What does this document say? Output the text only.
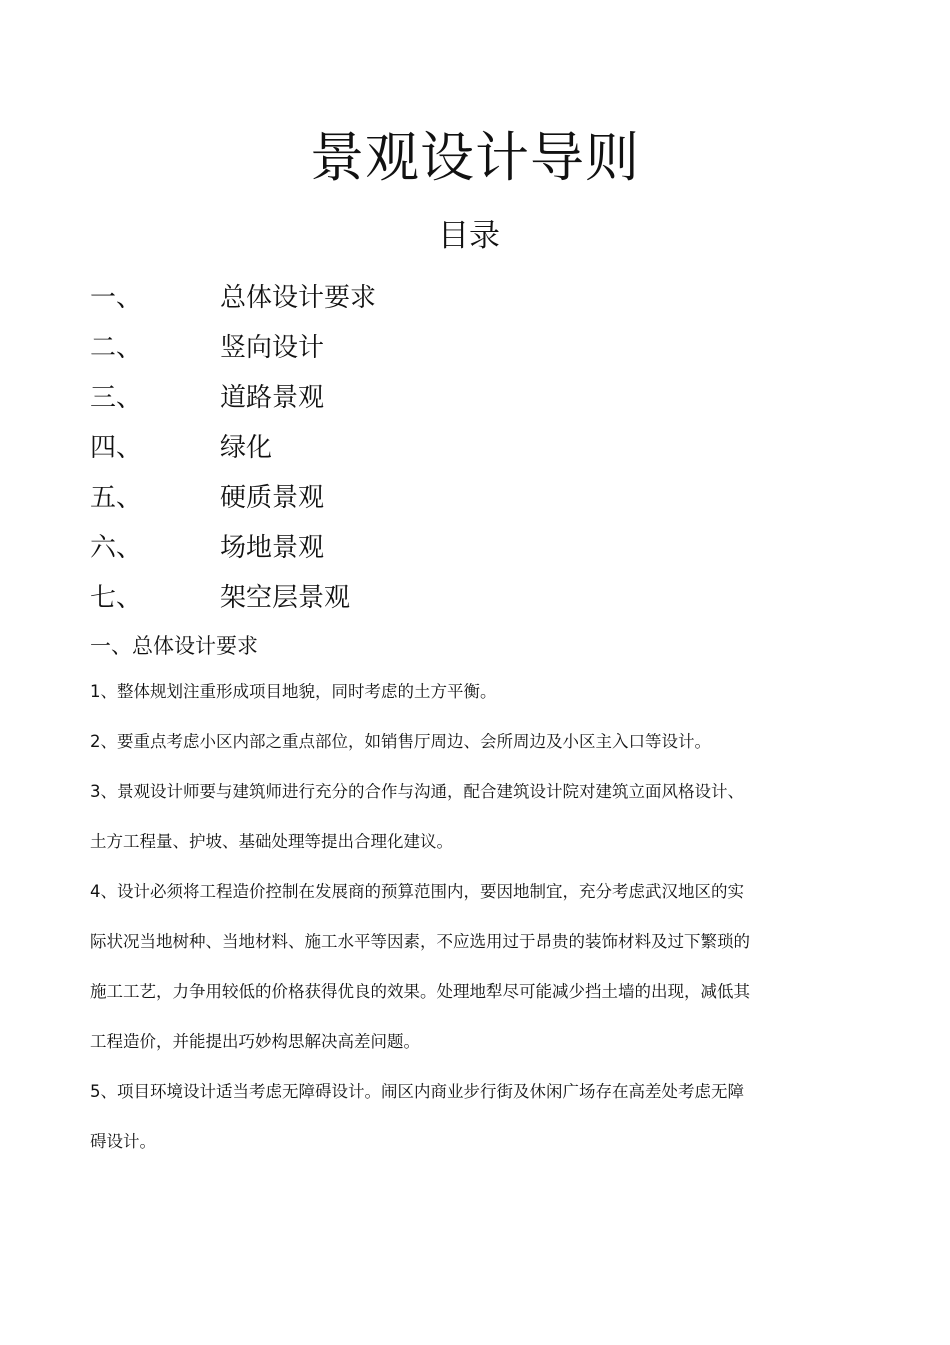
景观设计导则
目录
一、	总体设计要求
二、	竖向设计
三、	道路景观
四、	绿化
五、	硬质景观
六、	场地景观
七、	架空层景观
一、总体设计要求
1、整体规划注重形成项目地貌，同时考虑的土方平衡。
2、要重点考虑小区内部之重点部位，如销售厅周边、会所周边及小区主入口等设计。
3、景观设计师要与建筑师进行充分的合作与沟通，配合建筑设计院对建筑立面风格设计、
土方工程量、护坡、基础处理等提出合理化建议。
4、设计必须将工程造价控制在发展商的预算范围内，要因地制宜，充分考虑武汉地区的实
际状况当地树种、当地材料、施工水平等因素，不应选用过于昂贵的装饰材料及过下繁琐的
施工工艺，力争用较低的价格获得优良的效果。处理地犁尽可能减少挡土墙的出现，减低其
工程造价，并能提出巧妙构思解决高差问题。
5、项目环境设计适当考虑无障碍设计。闹区内商业步行街及休闲广场存在高差处考虑无障
碍设计。
